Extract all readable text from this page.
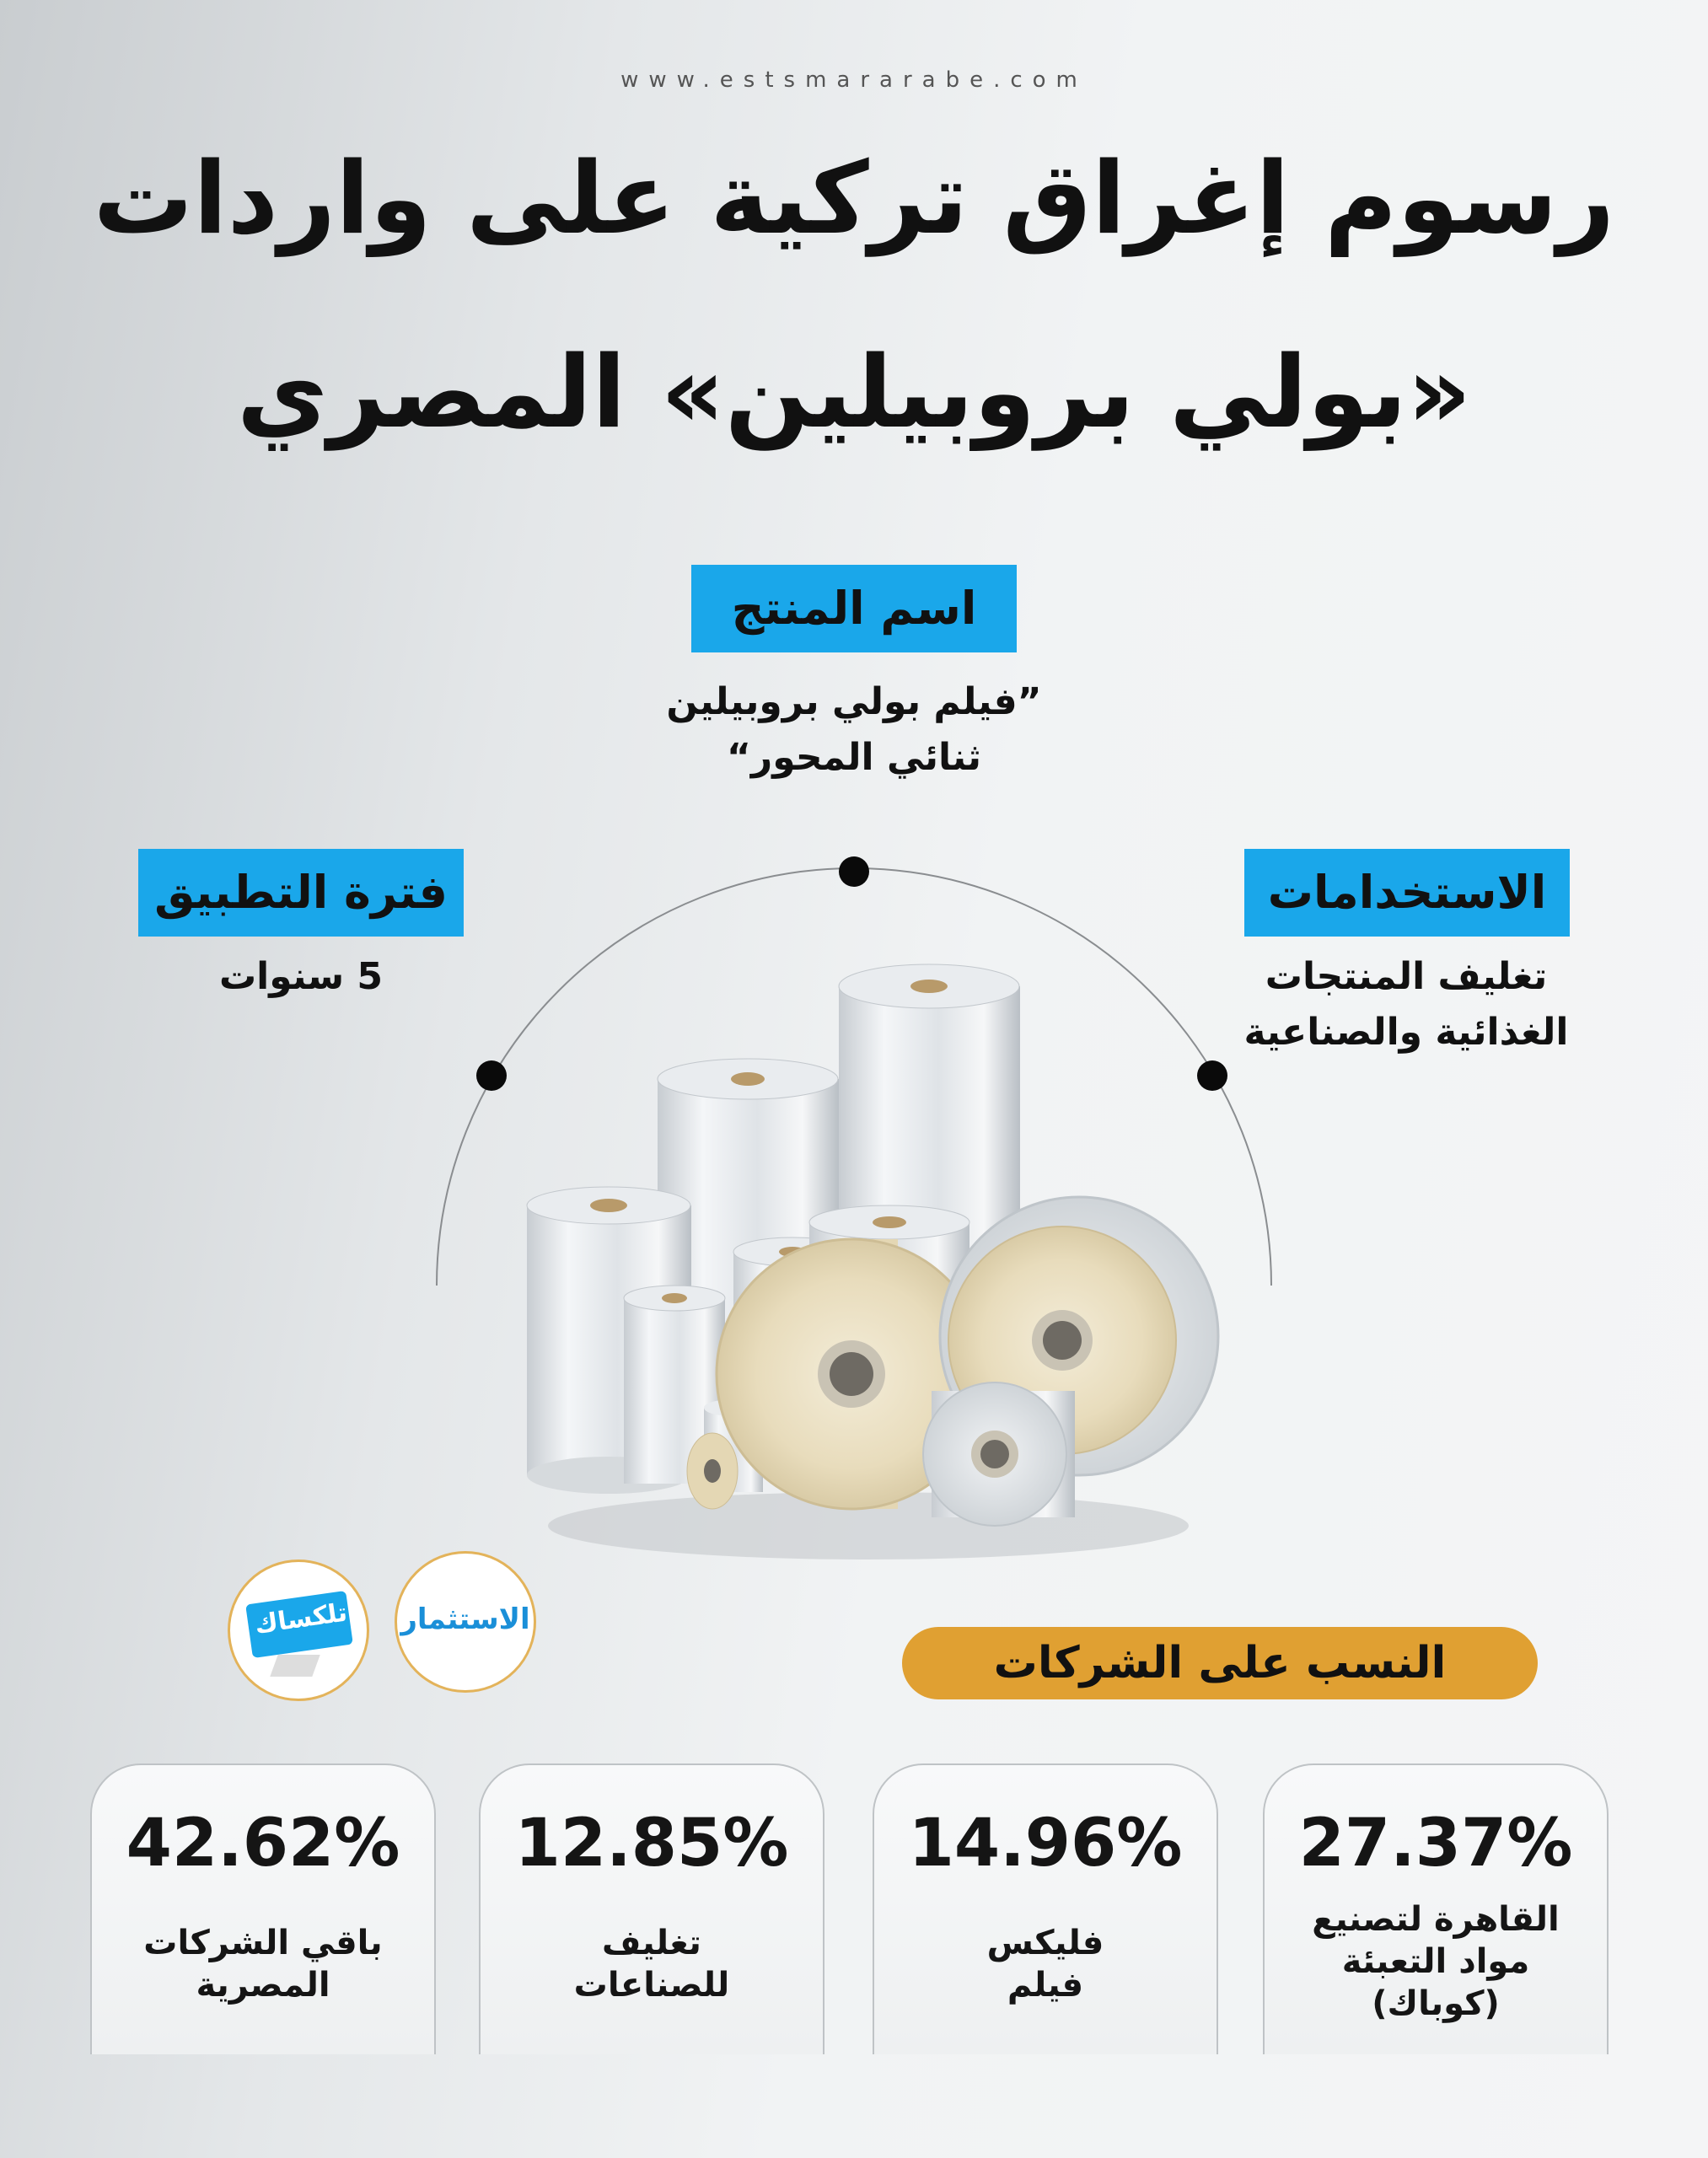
www.estsmararabe.com
رسوم إغراق تركية على واردات
«بولي بروبيلين» المصري
اسم المنتج
”فيلم بولي بروبيلين
ثنائي المحور“
الاستخدامات
تغليف المنتجات
الغذائية والصناعية
فترة التطبيق
5 سنوات
تلكساك الاستثمار
النسب على الشركات
27.37%
القاهرة لتصنيع
مواد التعبئة
(كوباك)
14.96%
فليكس
فيلم
12.85%
تغليف
للصناعات
42.62%
باقي الشركات
المصرية
